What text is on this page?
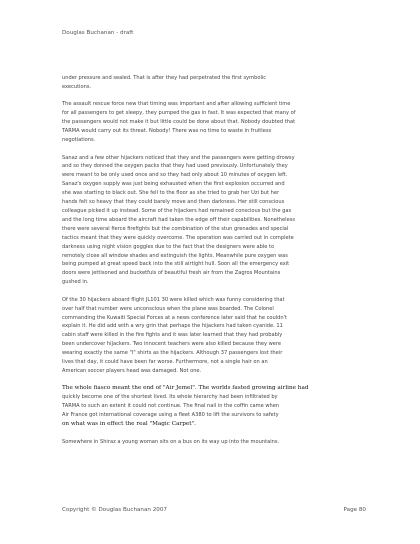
Douglas Buchanan - draft

under pressure and sealed. That is after they had perpetrated the first symbolic
executions.

The assault rescue force new that timing was important and after allowing sufficient time
for all passengers to get sleepy, they pumped the gas in fast. It was expected that many of
the passengers would not make it but little could be done about that. Nobody doubted that
TARMA would carry out its threat. Nobody! There was no time to waste in fruitless
negotiations.

Sanaz and a few other hijackers noticed that they and the passengers were getting drowsy
and so they donned the oxygen packs that they had used previously. Unfortunately they
were meant to be only used once and so they had only about 10 minutes of oxygen left.
Sanaz's oxygen supply was just being exhausted when the first explosion occurred and
she was starting to black out. She fell to the floor as she tried to grab her Uzi but her
hands felt so heavy that they could barely move and then darkness. Her still conscious
colleague picked it up instead. Some of the hijackers had remained conscious but the gas
and the long time aboard the aircraft had taken the edge off their capabilities. Nonetheless
there were several fierce firefights but the combination of the stun grenades and special
tactics meant that they were quickly overcome. The operation was carried out in complete
darkness using night vision goggles due to the fact that the designers were able to
remotely close all window shades and extinguish the lights. Meanwhile pure oxygen was
being pumped at great speed back into the still airtight hull. Soon all the emergency exit
doors were jettisoned and bucketfuls of beautiful fresh air from the Zagros Mountains
gushed in.

Of the 30 hijackers aboard flight JL101 30 were killed which was funny considering that
over half that number were unconscious when the plane was boarded. The Colonel
commanding the Kuwaiti Special Forces at a news conference later said that he couldn't
explain it. He did add with a wry grin that perhaps the hijackers had taken cyanide. 11
cabin staff were killed in the fire fights and it was later learned that they had probably
been undercover hijackers. Two innocent teachers were also killed because they were
wearing exactly the same "I" shirts as the hijackers. Although 37 passengers lost their
lives that day, it could have been far worse. Furthermore, not a single hair on an
American soccer players head was damaged. Not one.

The whole fiasco meant the end of "Air Jemel". The worlds fasted growing airline had
quickly become one of the shortest lived. Its whole hierarchy had been infiltrated by
TARMA to such an extent it could not continue. The final nail in the coffin came when
Air France got international coverage using a fleet A380 to lift the survivors to safety
on what was in effect the real "Magic Carpet".

Somewhere in Shiraz a young woman sits on a bus on its way up into the mountains.

Copyright © Douglas Buchanan 2007	Page 80
